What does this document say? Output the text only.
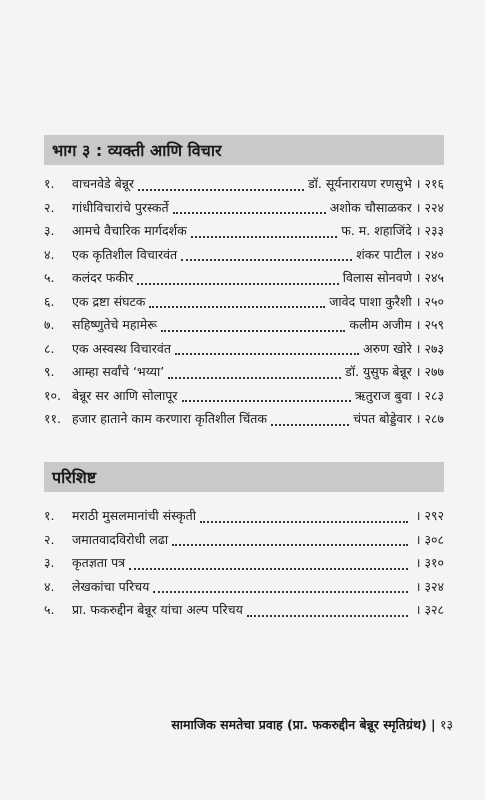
भाग ३ : व्यक्ती आणि विचार
१.	वाचनवेडे बेन्नूर	डॉ. सूर्यनारायण रणसुभे । २१६
२.	गांधीविचारांचे पुरस्कर्ते	अशोक चौसाळकर । २२४
३.	आमचे वैचारिक मार्गदर्शक	फ. म. शहाजिंदे । २३३
४.	एक कृतिशील विचारवंत	शंकर पाटील । २४०
५.	कलंदर फकीर	विलास सोनवणे । २४५
६.	एक द्रष्टा संघटक	जावेद पाशा कुरैशी । २५०
७.	सहिष्णुतेचे महामेरू	कलीम अजीम । २५९
८.	एक अस्वस्थ विचारवंत	अरुण खोरे । २७३
९.	आम्हा सर्वांचे ‘भय्या’	डॉ. युसुफ बेन्नूर । २७७
१०. बेन्नूर सर आणि सोलापूर	ऋतुराज बुवा । २८३
११. हजार हाताने काम करणारा कृतिशील चिंतक	चंपत बोड्डेवार । २८७
परिशिष्ट
१.	मराठी मुसलमानांची संस्कृती	। २९२
२.	जमातवादविरोधी लढा	। ३०८
३.	कृतज्ञता पत्र	। ३१०
४.	लेखकांचा परिचय	। ३२४
५.	प्रा. फकरुद्दीन बेन्नूर यांचा अल्प परिचय	। ३२८
सामाजिक समतेचा प्रवाह (प्रा. फकरुद्दीन बेन्नूर स्मृतिग्रंथ) | १३
